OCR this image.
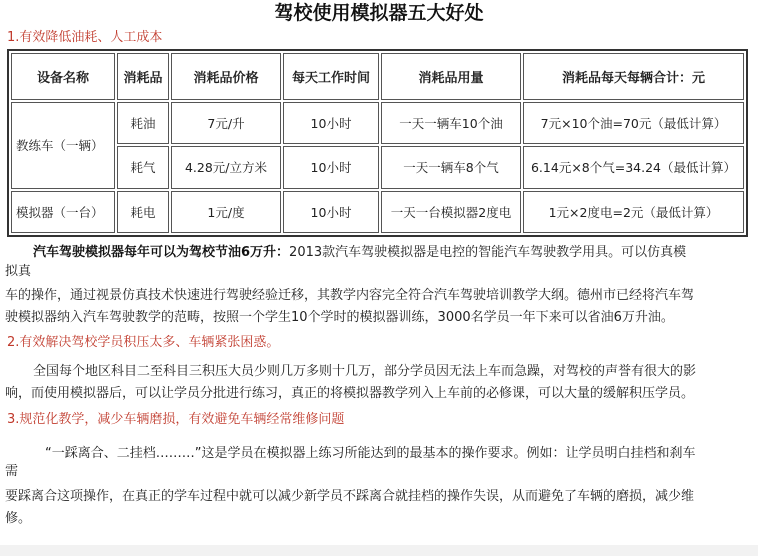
驾校使用模拟器五大好处
1.有效降低油耗、人工成本
设备名称	消耗品	消耗品价格	每天工作时间	消耗品用量	消耗品每天每辆合计：元
教练车（一辆）	耗油	7元/升	10小时	一天一辆车10个油	7元×10个油=70元（最低计算）
	耗气	4.28元/立方米	10小时	一天一辆车8个气	6.14元×8个气=34.24（最低计算）
模拟器（一台）	耗电	1元/度	10小时	一天一台模拟器2度电	1元×2度电=2元（最低计算）
汽车驾驶模拟器每年可以为驾校节油6万升：2013款汽车驾驶模拟器是电控的智能汽车驾驶教学用具。可以仿真模
拟真
车的操作，通过视景仿真技术快速进行驾驶经验迁移，其教学内容完全符合汽车驾驶培训教学大纲。德州市已经将汽车驾
驶模拟器纳入汽车驾驶教学的范畴，按照一个学生10个学时的模拟器训练，3000名学员一年下来可以省油6万升油。
2.有效解决驾校学员积压太多、车辆紧张困惑。
全国每个地区科目二至科目三积压大员少则几万多则十几万，部分学员因无法上车而急躁，对驾校的声誉有很大的影
响，而使用模拟器后，可以让学员分批进行练习，真正的将模拟器教学列入上车前的必修课，可以大量的缓解积压学员。
3.规范化教学，减少车辆磨损，有效避免车辆经常维修问题
“一踩离合、二挂档………”这是学员在模拟器上练习所能达到的最基本的操作要求。例如：让学员明白挂档和刹车
需
要踩离合这项操作，在真正的学车过程中就可以减少新学员不踩离合就挂档的操作失误，从而避免了车辆的磨损，减少维
修。
